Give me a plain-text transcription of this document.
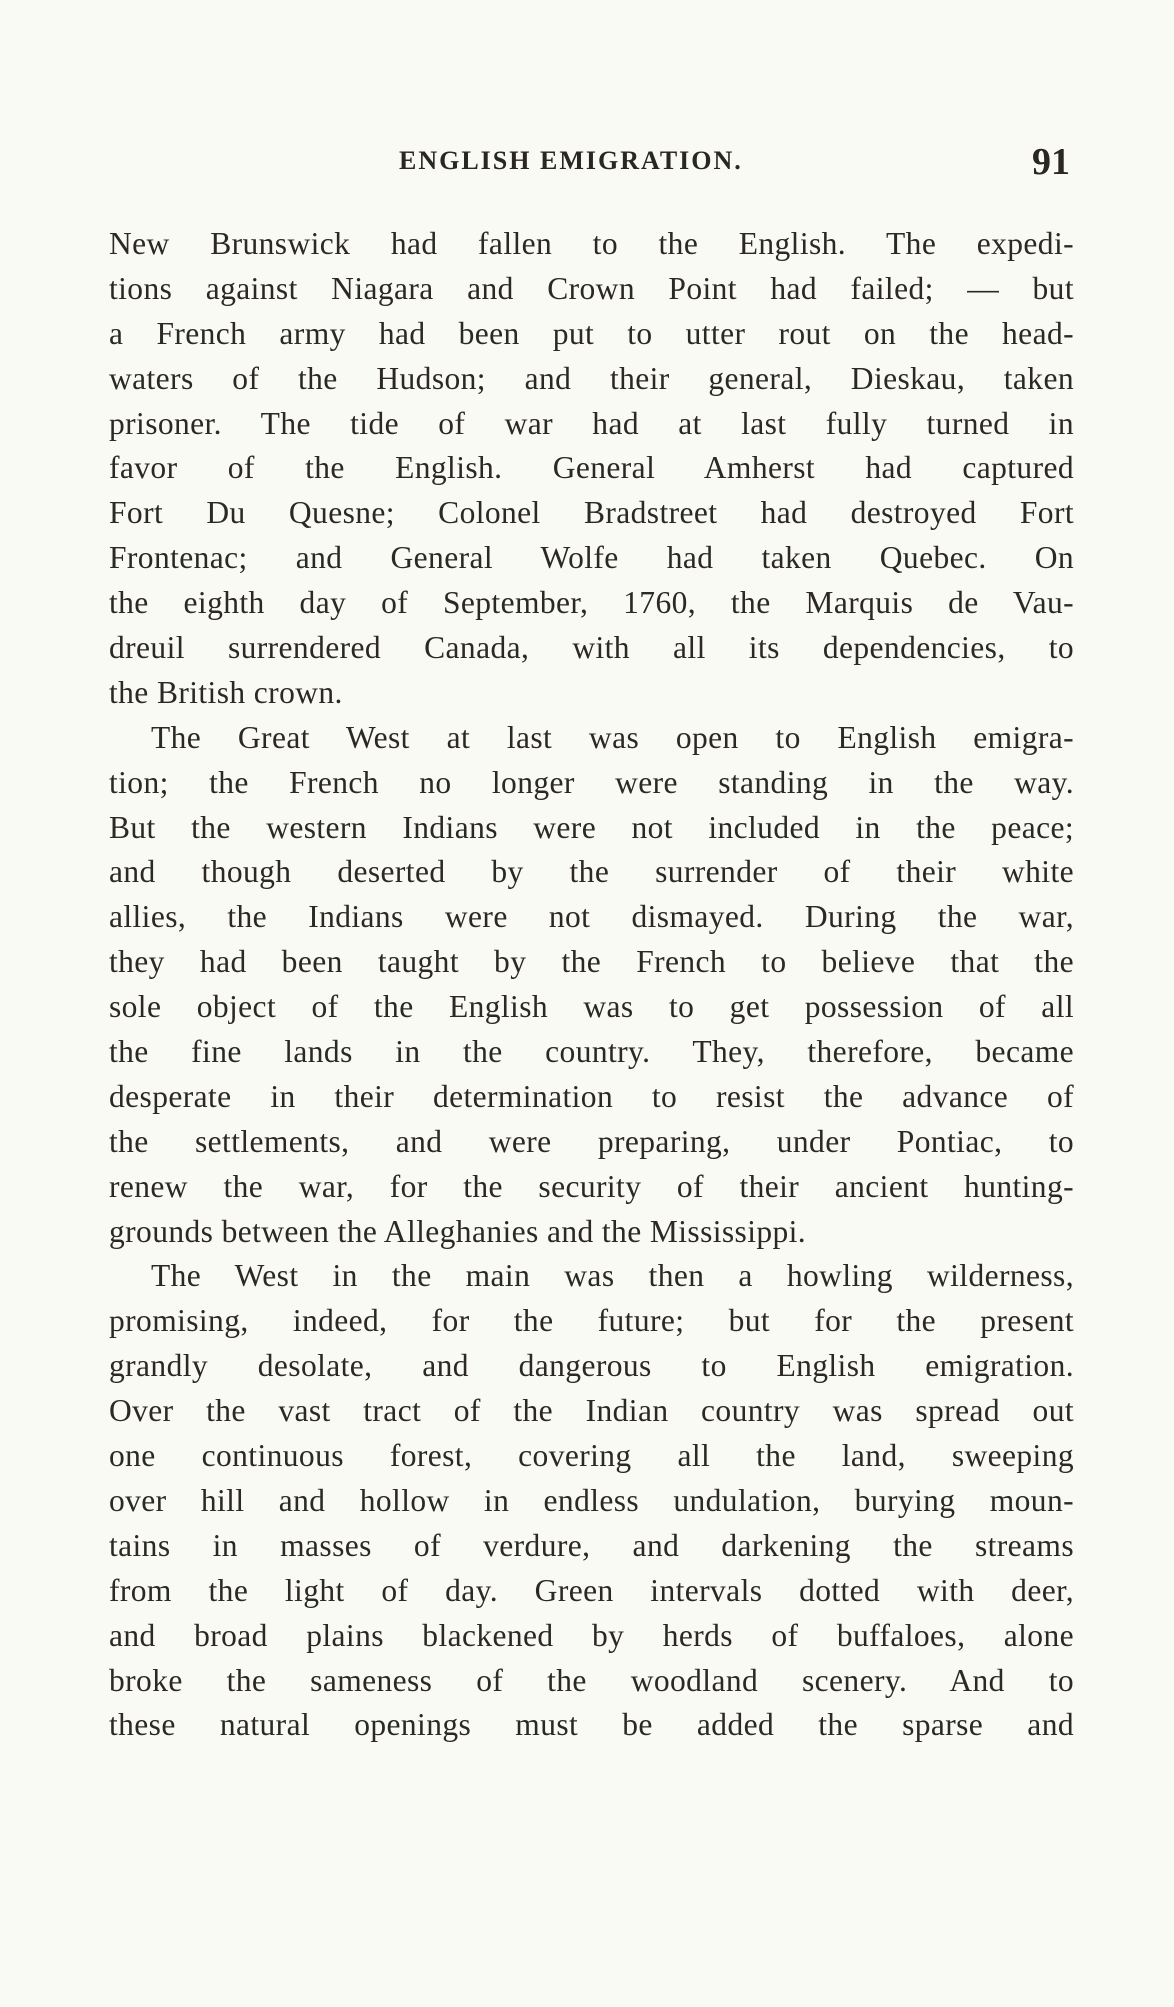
ENGLISH EMIGRATION.	91
New Brunswick had fallen to the English. The expedi-
tions against Niagara and Crown Point had failed; — but
a French army had been put to utter rout on the head-
waters of the Hudson; and their general, Dieskau, taken
prisoner. The tide of war had at last fully turned in
favor of the English. General Amherst had captured
Fort Du Quesne; Colonel Bradstreet had destroyed Fort
Frontenac; and General Wolfe had taken Quebec. On
the eighth day of September, 1760, the Marquis de Vau-
dreuil surrendered Canada, with all its dependencies, to
the British crown.
The Great West at last was open to English emigra-
tion; the French no longer were standing in the way.
But the western Indians were not included in the peace;
and though deserted by the surrender of their white
allies, the Indians were not dismayed. During the war,
they had been taught by the French to believe that the
sole object of the English was to get possession of all
the fine lands in the country. They, therefore, became
desperate in their determination to resist the advance of
the settlements, and were preparing, under Pontiac, to
renew the war, for the security of their ancient hunting-
grounds between the Alleghanies and the Mississippi.
The West in the main was then a howling wilderness,
promising, indeed, for the future; but for the present
grandly desolate, and dangerous to English emigration.
Over the vast tract of the Indian country was spread out
one continuous forest, covering all the land, sweeping
over hill and hollow in endless undulation, burying moun-
tains in masses of verdure, and darkening the streams
from the light of day. Green intervals dotted with deer,
and broad plains blackened by herds of buffaloes, alone
broke the sameness of the woodland scenery. And to
these natural openings must be added the sparse and
